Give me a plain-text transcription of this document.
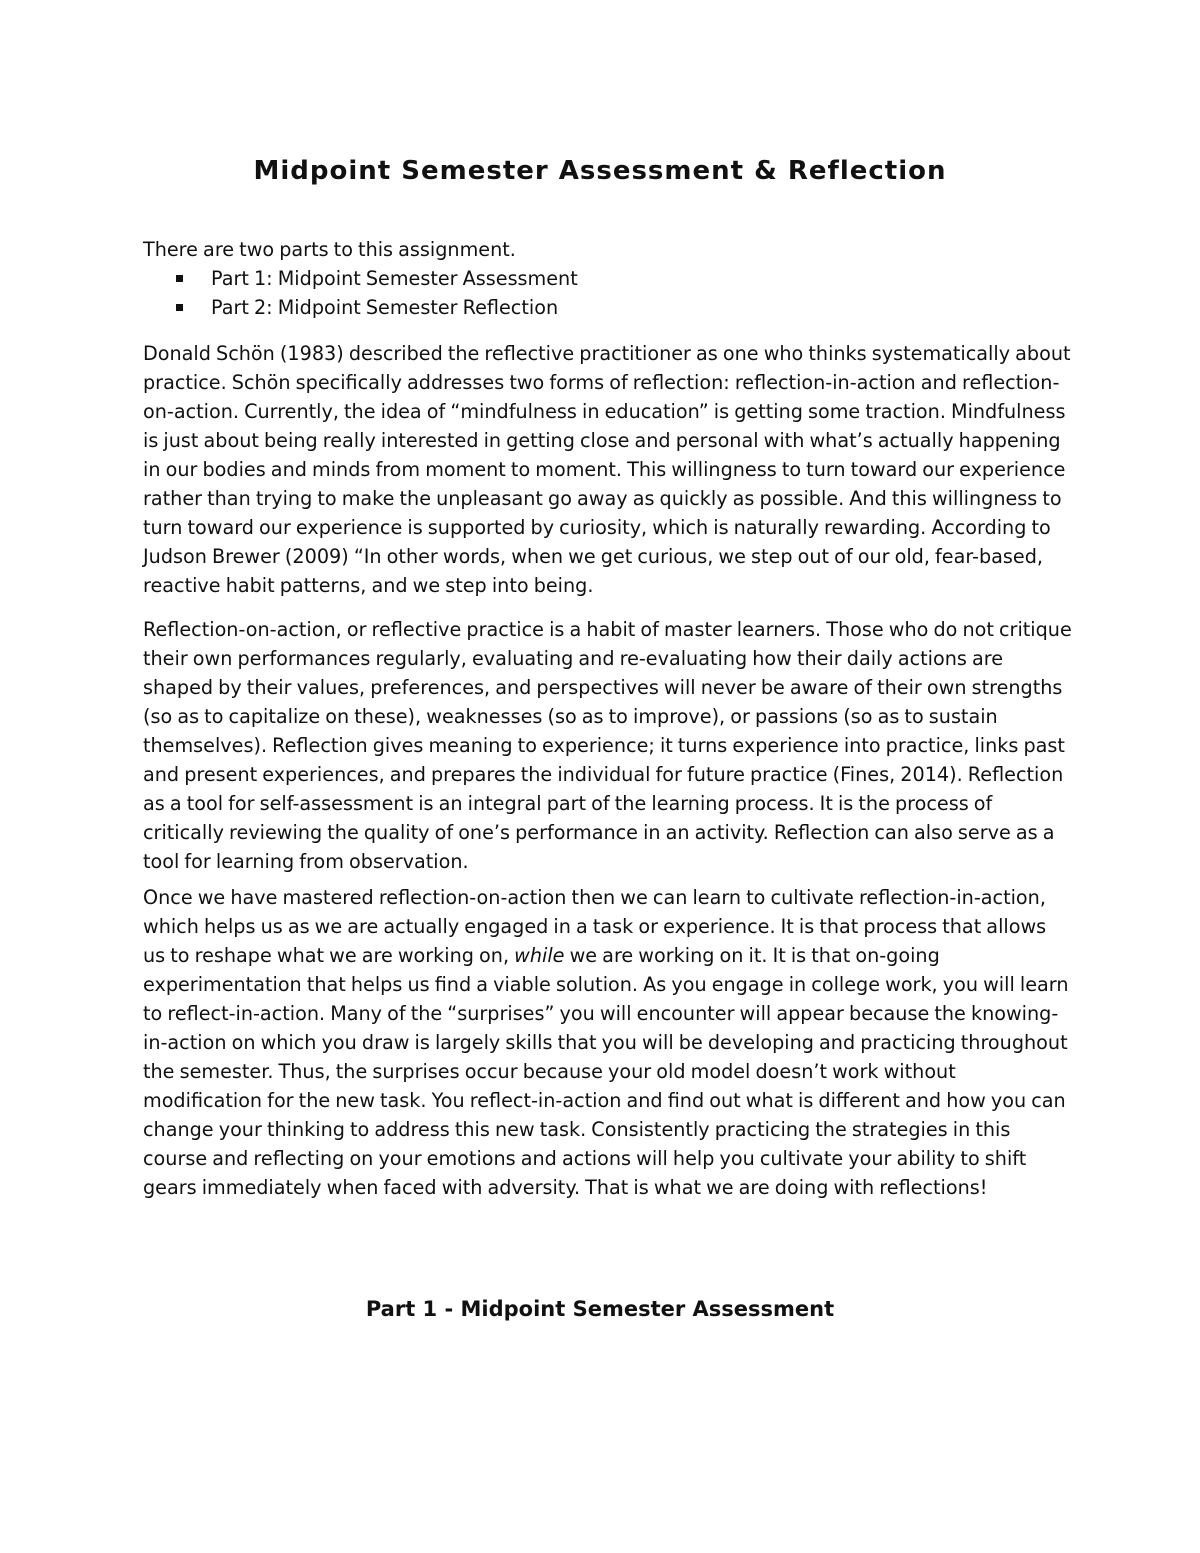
Midpoint Semester Assessment & Reflection

There are two parts to this assignment.

Part 1: Midpoint Semester Assessment
Part 2: Midpoint Semester Reflection

Donald Schön (1983) described the reflective practitioner as one who thinks systematically about practice. Schön specifically addresses two forms of reflection: reflection-in-action and reflection-on-action. Currently, the idea of “mindfulness in education” is getting some traction. Mindfulness is just about being really interested in getting close and personal with what’s actually happening in our bodies and minds from moment to moment. This willingness to turn toward our experience rather than trying to make the unpleasant go away as quickly as possible. And this willingness to turn toward our experience is supported by curiosity, which is naturally rewarding. According to Judson Brewer (2009) “In other words, when we get curious, we step out of our old, fear-based, reactive habit patterns, and we step into being.

Reflection-on-action, or reflective practice is a habit of master learners. Those who do not critique their own performances regularly, evaluating and re-evaluating how their daily actions are shaped by their values, preferences, and perspectives will never be aware of their own strengths (so as to capitalize on these), weaknesses (so as to improve), or passions (so as to sustain themselves). Reflection gives meaning to experience; it turns experience into practice, links past and present experiences, and prepares the individual for future practice (Fines, 2014). Reflection as a tool for self-assessment is an integral part of the learning process. It is the process of critically reviewing the quality of one’s performance in an activity. Reflection can also serve as a tool for learning from observation.

Once we have mastered reflection-on-action then we can learn to cultivate reflection-in-action, which helps us as we are actually engaged in a task or experience. It is that process that allows us to reshape what we are working on, while we are working on it. It is that on-going experimentation that helps us find a viable solution. As you engage in college work, you will learn to reflect-in-action. Many of the “surprises” you will encounter will appear because the knowing-in-action on which you draw is largely skills that you will be developing and practicing throughout the semester. Thus, the surprises occur because your old model doesn’t work without modification for the new task. You reflect-in-action and find out what is different and how you can change your thinking to address this new task. Consistently practicing the strategies in this course and reflecting on your emotions and actions will help you cultivate your ability to shift gears immediately when faced with adversity. That is what we are doing with reflections!

Part 1 - Midpoint Semester Assessment
